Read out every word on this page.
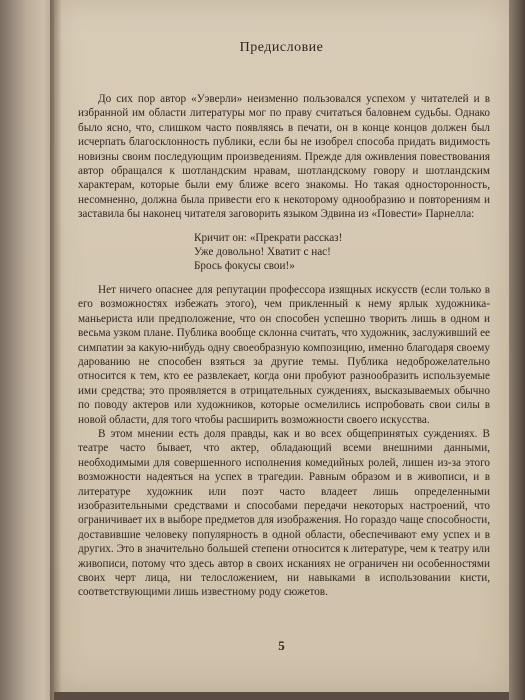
Предисловие

До сих пор автор «Уэверли» неизменно пользовался успехом у читателей и в избранной им области литературы мог по праву считаться баловнем судьбы. Однако было ясно, что, слишком часто появляясь в печати, он в конце концов должен был исчерпать благосклонность публики, если бы не изобрел способа придать видимость новизны своим последующим произведениям. Прежде для оживления повествования автор обращался к шотландским нравам, шотландскому говору и шотландским характерам, которые были ему ближе всего знакомы. Но такая односторонность, несомненно, должна была привести его к некоторому однообразию и повторениям и заставила бы наконец читателя заговорить языком Эдвина из «Повести» Парнелла:

Кричит он: «Прекрати рассказ!
Уже довольно! Хватит с нас!
Брось фокусы свои!»

Нет ничего опаснее для репутации профессора изящных искусств (если только в его возможностях избежать этого), чем прикленный к нему ярлык художника-маньериста или предположение, что он способен успешно творить лишь в одном и весьма узком плане. Публика вообще склонна считать, что художник, заслуживший ее симпатии за какую-нибудь одну своеобразную композицию, именно благодаря своему дарованию не способен взяться за другие темы. Публика недоброжелательно относится к тем, кто ее развлекает, когда они пробуют разнообразить используемые ими средства; это проявляется в отрицательных суждениях, высказываемых обычно по поводу актеров или художников, которые осмелились испробовать свои силы в новой области, для того чтобы расширить возможности своего искусства.

В этом мнении есть доля правды, как и во всех общепринятых суждениях. В театре часто бывает, что актер, обладающий всеми внешними данными, необходимыми для совершенного исполнения комедийных ролей, лишен из-за этого возможности надеяться на успех в трагедии. Равным образом и в живописи, и в литературе художник или поэт часто владеет лишь определенными изобразительными средствами и способами передачи некоторых настроений, что ограничивает их в выборе предметов для изображения. Но гораздо чаще способности, доставившие человеку популярность в одной области, обеспечивают ему успех и в других. Это в значительно большей степени относится к литературе, чем к театру или живописи, потому что здесь автор в своих исканиях не ограничен ни особенностями своих черт лица, ни телосложением, ни навыками в использовании кисти, соответствующими лишь известному роду сюжетов.

5
